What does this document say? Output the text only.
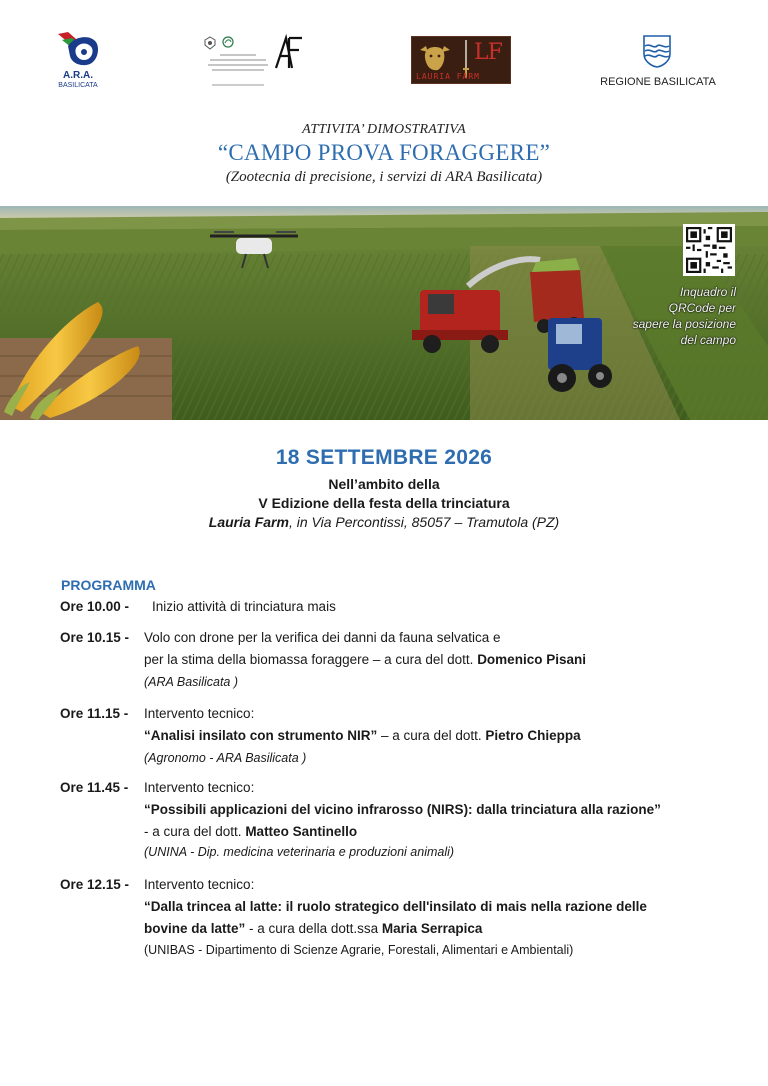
A.R.A.
BASILICATA
LF
LAURIA FARM	REGIONE BASILICATA
ATTIVITA’ DIMOSTRATIVA
“CAMPO PROVA FORAGGERE”
(Zootecnia di precisione, i servizi di ARA Basilicata)
Inquadro il
QRCode per
sapere la posizione
del campo
18 SETTEMBRE 2026
Nell’ambito della
V Edizione della festa della trinciatura
Lauria Farm, in Via Percontissi, 85057 – Tramutola (PZ)
PROGRAMMA
Ore 10.00 - Inizio attività di trinciatura mais
Ore 10.15 - Volo con drone per la verifica dei danni da fauna selvatica e
per la stima della biomassa foraggere – a cura del dott. Domenico Pisani
(ARA Basilicata )
Ore 11.15 - Intervento tecnico:
“Analisi insilato con strumento NIR” – a cura del dott. Pietro Chieppa
(Agronomo - ARA Basilicata )
Ore 11.45 - Intervento tecnico:
“Possibili applicazioni del vicino infrarosso (NIRS): dalla trinciatura alla razione”
- a cura del dott. Matteo Santinello
(UNINA - Dip. medicina veterinaria e produzioni animali)
Ore 12.15 - Intervento tecnico:
“Dalla trincea al latte: il ruolo strategico dell'insilato di mais nella razione delle
bovine da latte” - a cura della dott.ssa Maria Serrapica
(UNIBAS - Dipartimento di Scienze Agrarie, Forestali, Alimentari e Ambientali)
